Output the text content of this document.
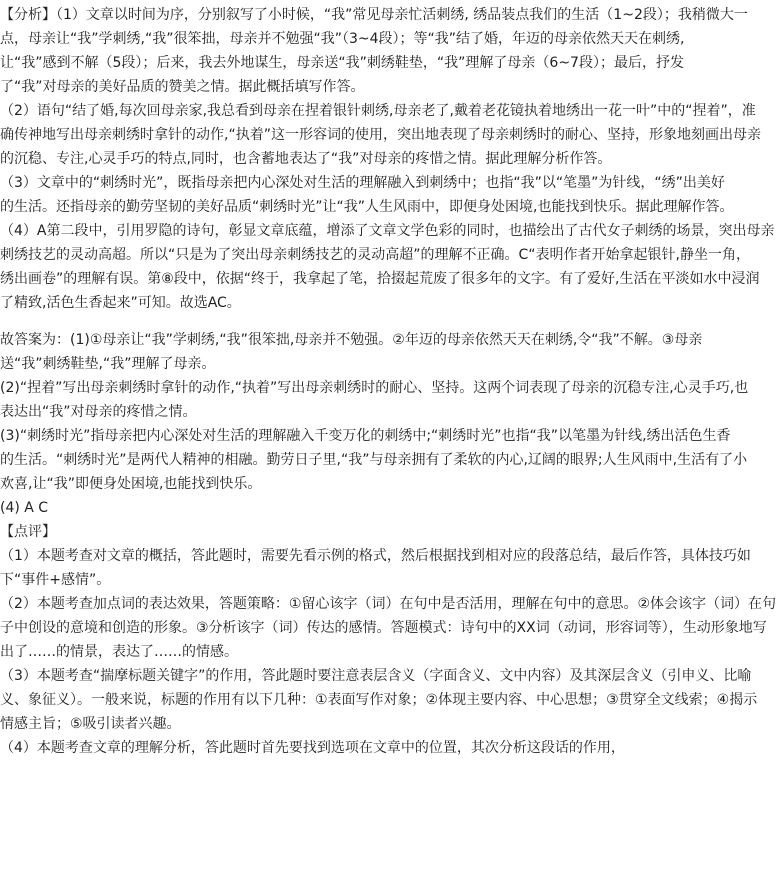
【分析】（1）文章以时间为序，分别叙写了小时候，“我”常见母亲忙活刺绣, 绣品装点我们的生活（1~2段）；我稍微大一
点，母亲让“我”学刺绣,“我”很笨拙，母亲并不勉强“我”（3~4段）；等“我”结了婚，年迈的母亲依然天天在刺绣,
让“我”感到不解（5段）；后来，我去外地谋生，母亲送“我”刺绣鞋垫，“我”理解了母亲（6~7段）；最后，抒发
了“我”对母亲的美好品质的赞美之情。据此概括填写作答。
（2）语句“结了婚,每次回母亲家,我总看到母亲在捏着银针刺绣,母亲老了,戴着老花镜执着地绣出一花一叶”中的“捏着”，准
确传神地写出母亲刺绣时拿针的动作,“执着”这一形容词的使用，突出地表现了母亲刺绣时的耐心、坚持，形象地刻画出母亲
的沉稳、专注,心灵手巧的特点,同时，也含蓄地表达了“我”对母亲的疼惜之情。据此理解分析作答。
（3）文章中的“刺绣时光”，既指母亲把内心深处对生活的理解融入到刺绣中；也指“我”以“笔墨”为针线，“绣”出美好
的生活。还指母亲的勤劳坚韧的美好品质“刺绣时光”让“我”人生风雨中，即便身处困境,也能找到快乐。据此理解作答。
（4）A第二段中，引用罗隐的诗句，彰显文章底蕴，增添了文章文学色彩的同时，也描绘出了古代女子刺绣的场景，突出母亲
刺绣技艺的灵动高超。所以“只是为了突出母亲刺绣技艺的灵动高超”的理解不正确。C“表明作者开始拿起银针,静坐一角，
绣出画卷”的理解有误。第⑧段中，依据“终于，我拿起了笔，拾掇起荒废了很多年的文字。有了爱好,生活在平淡如水中浸润
了精致,活色生香起来”可知。故选AC。
故答案为：(1)①母亲让“我”学刺绣,“我”很笨拙,母亲并不勉强。②年迈的母亲依然天天在刺绣,令“我”不解。③母亲
送“我”刺绣鞋垫,“我”理解了母亲。
(2)“捏着”写出母亲刺绣时拿针的动作,“执着”写出母亲刺绣时的耐心、坚持。这两个词表现了母亲的沉稳专注,心灵手巧,也
表达出“我”对母亲的疼惜之情。
(3)“刺绣时光”指母亲把内心深处对生活的理解融入千变万化的刺绣中;“刺绣时光”也指“我”以笔墨为针线,绣出活色生香
的生活。“刺绣时光”是两代人精神的相融。勤劳日子里,“我”与母亲拥有了柔软的内心,辽阔的眼界;人生风雨中,生活有了小
欢喜,让“我”即便身处困境,也能找到快乐。
(4) A C
【点评】
（1）本题考查对文章的概括，答此题时，需要先看示例的格式，然后根据找到相对应的段落总结，最后作答，具体技巧如
下“事件+感情”。
（2）本题考查加点词的表达效果，答题策略：①留心该字（词）在句中是否活用，理解在句中的意思。②体会该字（词）在句
子中创设的意境和创造的形象。③分析该字（词）传达的感情。答题模式：诗句中的XX词（动词，形容词等），生动形象地写
出了……的情景，表达了……的情感。
（3）本题考查“揣摩标题关键字”的作用，答此题时要注意表层含义（字面含义、文中内容）及其深层含义（引申义、比喻
义、象征义）。一般来说，标题的作用有以下几种：①表面写作对象；②体现主要内容、中心思想；③贯穿全文线索；④揭示
情感主旨；⑤吸引读者兴趣。
（4）本题考查文章的理解分析，答此题时首先要找到选项在文章中的位置，其次分析这段话的作用，
